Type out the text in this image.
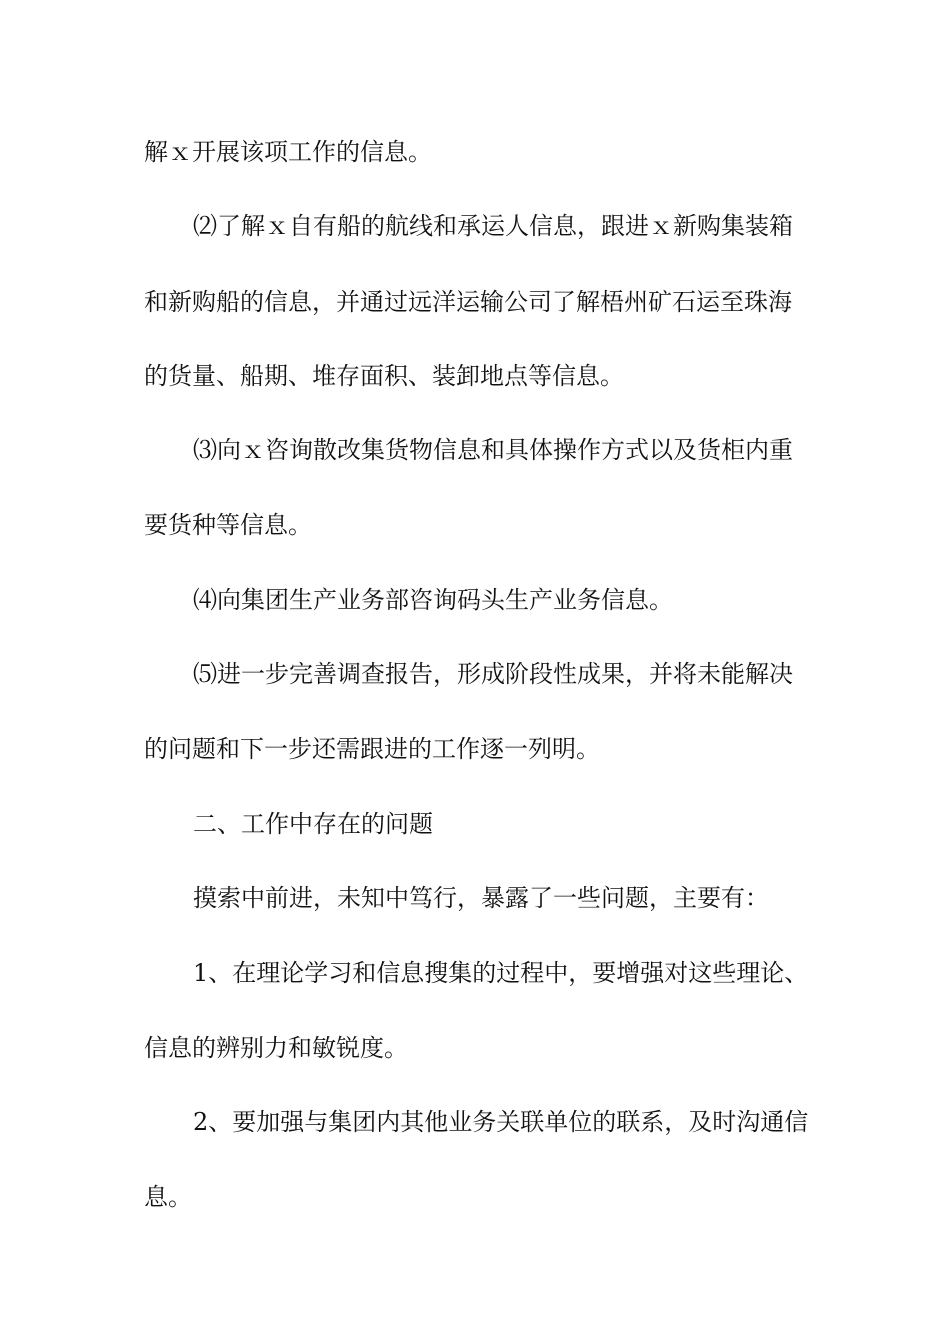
解ｘ开展该项工作的信息。
⑵了解ｘ自有船的航线和承运人信息，跟进ｘ新购集装箱
和新购船的信息，并通过远洋运输公司了解梧州矿石运至珠海
的货量、船期、堆存面积、装卸地点等信息。
⑶向ｘ咨询散改集货物信息和具体操作方式以及货柜内重
要货种等信息。
⑷向集团生产业务部咨询码头生产业务信息。
⑸进一步完善调查报告，形成阶段性成果，并将未能解决
的问题和下一步还需跟进的工作逐一列明。
二、工作中存在的问题
摸索中前进，未知中笃行，暴露了一些问题，主要有：
1、在理论学习和信息搜集的过程中，要增强对这些理论、
信息的辨别力和敏锐度。
2、要加强与集团内其他业务关联单位的联系，及时沟通信
息。
